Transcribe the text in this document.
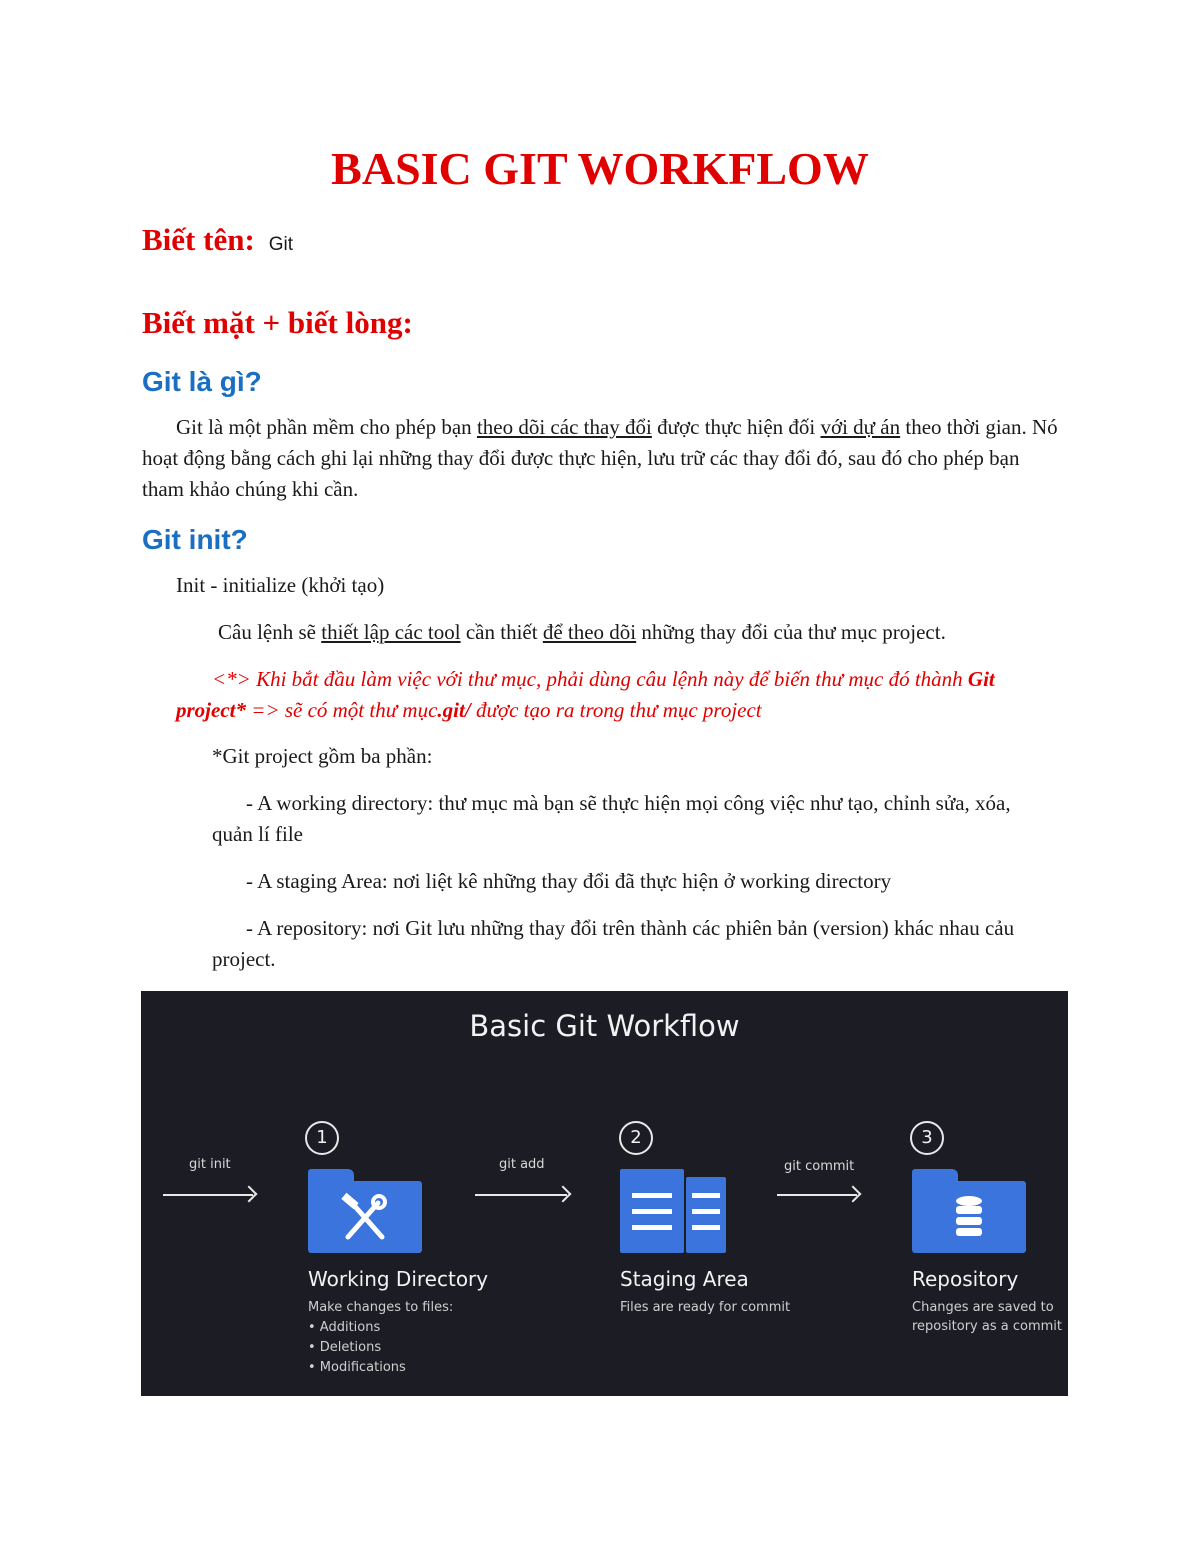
BASIC GIT WORKFLOW

Biết tên: Git

Biết mặt + biết lòng:

Git là gì?

Git là một phần mềm cho phép bạn theo dõi các thay đổi được thực hiện đối với dự án theo thời gian. Nó hoạt động bằng cách ghi lại những thay đổi được thực hiện, lưu trữ các thay đổi đó, sau đó cho phép bạn tham khảo chúng khi cần.

Git init?

Init - initialize (khởi tạo)

Câu lệnh sẽ thiết lập các tool cần thiết để theo dõi những thay đổi của thư mục project.

<*> Khi bắt đầu làm việc với thư mục, phải dùng câu lệnh này để biến thư mục đó thành Git project* => sẽ có một thư mục.git/ được tạo ra trong thư mục project

*Git project gồm ba phần:

- A working directory: thư mục mà bạn sẽ thực hiện mọi công việc như tạo, chỉnh sửa, xóa, quản lí file

- A staging Area: nơi liệt kê những thay đổi đã thực hiện ở working directory

- A repository: nơi Git lưu những thay đổi trên thành các phiên bản (version) khác nhau cảu project.

Basic Git Workflow

git init
1

Working Directory

Make changes to files:

• Additions

• Deletions

• Modifications

git add
2

Staging Area

Files are ready for commit

git commit
3

Repository

Changes are saved to

repository as a commit
